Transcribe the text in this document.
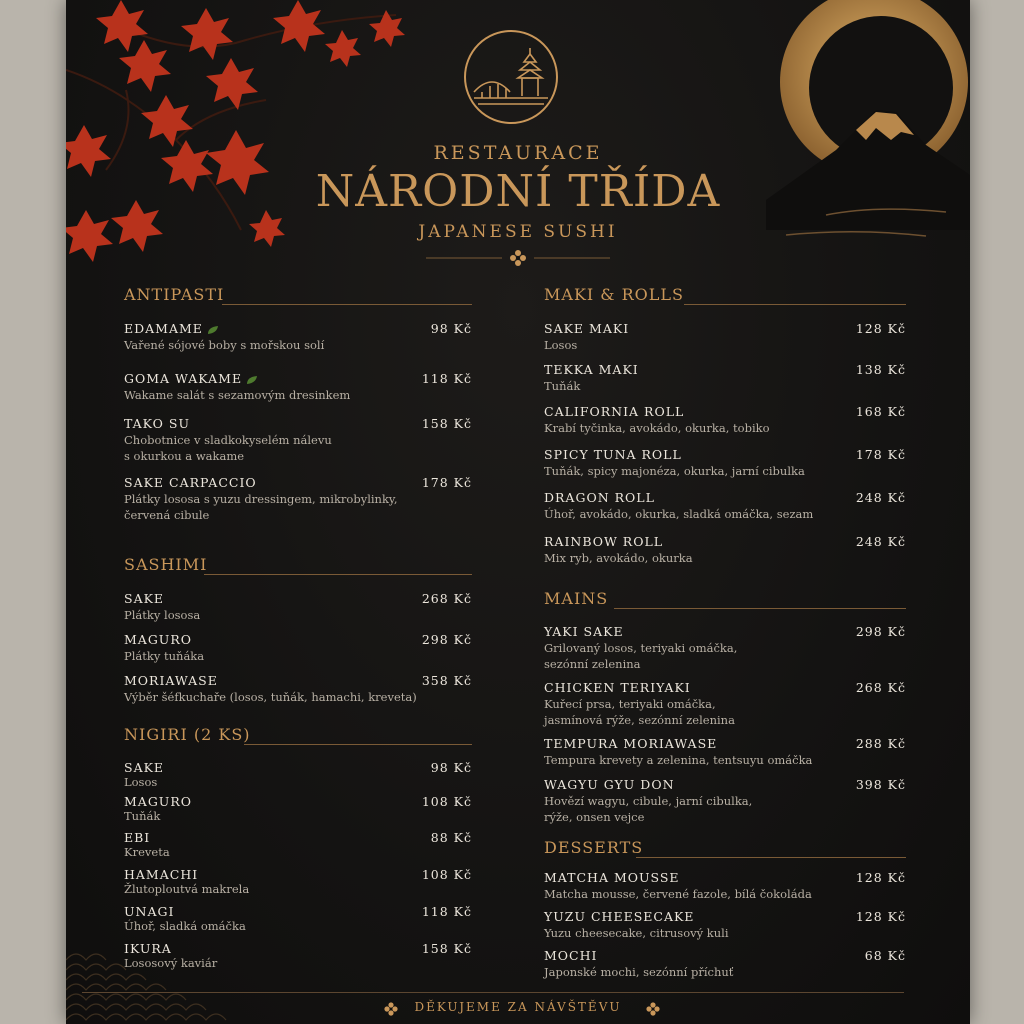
RESTAURACE
NÁRODNÍ TŘÍDA
JAPANESE SUSHI
ANTIPASTI
EDAMAME	98 Kč
Vařené sójové boby s mořskou solí
GOMA WAKAME	118 Kč
Wakame salát s sezamovým dresinkem
TAKO SU	158 Kč
Chobotnice v sladkokyselém nálevu
s okurkou a wakame
SAKE CARPACCIO	178 Kč
Plátky lososa s yuzu dressingem, mikrobylinky,
červená cibule
SASHIMI
SAKE	268 Kč
Plátky lososa
MAGURO	298 Kč
Plátky tuňáka
MORIAWASE	358 Kč
Výběr šéfkuchaře (losos, tuňák, hamachi, kreveta)
NIGIRI (2 KS)
SAKE	98 Kč
Losos
MAGURO	108 Kč
Tuňák
EBI	88 Kč
Kreveta
HAMACHI	108 Kč
Žlutoploutvá makrela
UNAGI	118 Kč
Úhoř, sladká omáčka
IKURA	158 Kč
Lososový kaviár
MAKI & ROLLS
SAKE MAKI	128 Kč
Losos
TEKKA MAKI	138 Kč
Tuňák
CALIFORNIA ROLL	168 Kč
Krabí tyčinka, avokádo, okurka, tobiko
SPICY TUNA ROLL	178 Kč
Tuňák, spicy majonéza, okurka, jarní cibulka
DRAGON ROLL	248 Kč
Úhoř, avokádo, okurka, sladká omáčka, sezam
RAINBOW ROLL	248 Kč
Mix ryb, avokádo, okurka
MAINS
YAKI SAKE	298 Kč
Grilovaný losos, teriyaki omáčka,
sezónní zelenina
CHICKEN TERIYAKI	268 Kč
Kuřecí prsa, teriyaki omáčka,
jasmínová rýže, sezónní zelenina
TEMPURA MORIAWASE	288 Kč
Tempura krevety a zelenina, tentsuyu omáčka
WAGYU GYU DON	398 Kč
Hovězí wagyu, cibule, jarní cibulka,
rýže, onsen vejce
DESSERTS
MATCHA MOUSSE	128 Kč
Matcha mousse, červené fazole, bílá čokoláda
YUZU CHEESECAKE	128 Kč
Yuzu cheesecake, citrusový kuli
MOCHI	68 Kč
Japonské mochi, sezónní příchuť
DĚKUJEME ZA NÁVŠTĚVU
